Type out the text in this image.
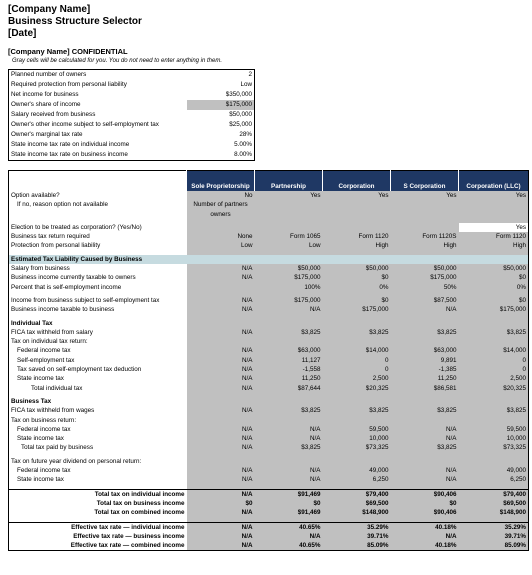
[Company Name]
Business Structure Selector
[Date]
[Company Name] CONFIDENTIAL
Gray cells will be calculated for you. You do not need to enter anything in them.
Planned number of owners	2
Required protection from personal liability	Low
Net income for business	$350,000
Owner's share of income	$175,000
Salary received from business	$50,000
Owner's other income subject to self-employment tax	$25,000
Owner's marginal tax rate	28%
State income tax rate on individual income	5.00%
State income tax rate on business income	8.00%
	Sole Proprietorship	Partnership	Corporation	S Corporation	Corporation (LLC)
Option available?	No	Yes	Yes	Yes	Yes
If no, reason option not available	Number of partners				
	owners				

Election to be treated as corporation? (Yes/No)					Yes
Business tax return required	None	Form 1065	Form 1120	Form 1120S	Form 1120
Protection from personal liability	Low	Low	High	High	High

Estimated Tax Liability Caused by Business					
Salary from business	N/A	$50,000	$50,000	$50,000	$50,000
Business income currently taxable to owners	N/A	$175,000	$0	$175,000	$0
Percent that is self-employment income		100%	0%	50%	0%

Income from business subject to self-employment tax	N/A	$175,000	$0	$87,500	$0
Business income taxable to business	N/A	N/A	$175,000	N/A	$175,000

Individual Tax					
FICA tax withheld from salary	N/A	$3,825	$3,825	$3,825	$3,825
Tax on individual tax return:					
Federal income tax	N/A	$63,000	$14,000	$63,000	$14,000
Self-employment tax	N/A	11,127	0	9,891	0
Tax saved on self-employment tax deduction	N/A	-1,558	0	-1,385	0
State income tax	N/A	11,250	2,500	11,250	2,500
Total individual tax	N/A	$87,644	$20,325	$86,581	$20,325

Business Tax					
FICA tax withheld from wages	N/A	$3,825	$3,825	$3,825	$3,825
Tax on business return:					
Federal income tax	N/A	N/A	59,500	N/A	59,500
State income tax	N/A	N/A	10,000	N/A	10,000
Total tax paid by business	N/A	$3,825	$73,325	$3,825	$73,325

Tax on future year dividend on personal return:					
Federal income tax	N/A	N/A	49,000	N/A	49,000
State income tax	N/A	N/A	6,250	N/A	6,250

Total tax on individual income	N/A	$91,469	$79,400	$90,406	$79,400
Total tax on business income	$0	$0	$69,500	$0	$69,500
Total tax on combined income	N/A	$91,469	$148,900	$90,406	$148,900

Effective tax rate — individual income	N/A	40.65%	35.29%	40.18%	35.29%
Effective tax rate — business income	N/A	N/A	39.71%	N/A	39.71%
Effective tax rate — combined income	N/A	40.65%	85.09%	40.18%	85.09%
